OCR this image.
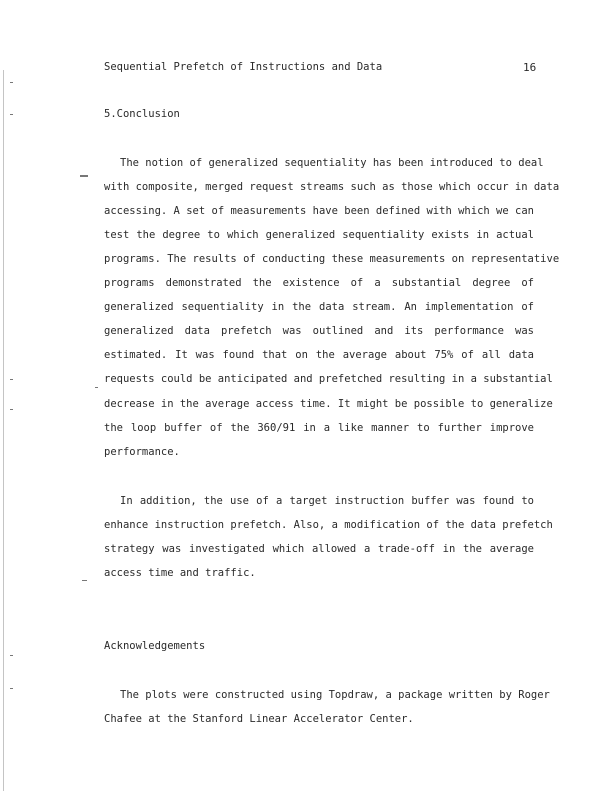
Sequential Prefetch of Instructions and Data	16
5.Conclusion
The notion of generalized sequentiality has been introduced to deal
with composite, merged request streams such as those which occur in data
accessing. A set of measurements have been defined with which we can
test the degree to which generalized sequentiality exists in actual
programs. The results of conducting these measurements on representative
programs demonstrated the existence of a substantial degree of
generalized sequentiality in the data stream. An implementation of
generalized data prefetch was outlined and its performance was
estimated. It was found that on the average about 75% of all data
requests could be anticipated and prefetched resulting in a substantial
decrease in the average access time. It might be possible to generalize
the loop buffer of the 360/91 in a like manner to further improve
performance.
In addition, the use of a target instruction buffer was found to
enhance instruction prefetch. Also, a modification of the data prefetch
strategy was investigated which allowed a trade-off in the average
access time and traffic.
Acknowledgements
The plots were constructed using Topdraw, a package written by Roger
Chafee at the Stanford Linear Accelerator Center.
